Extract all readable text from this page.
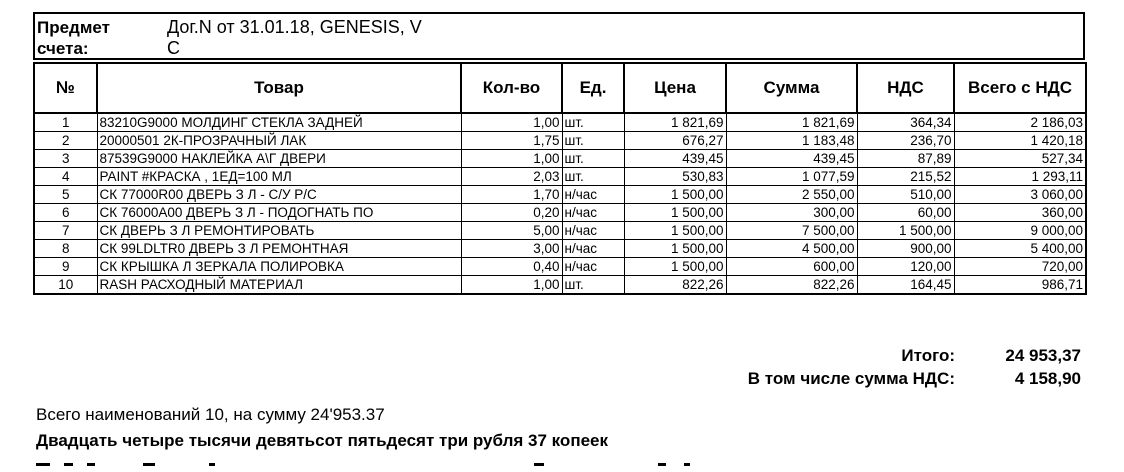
Предмет
счета:
Дог.N от 31.01.18, GENESIS, V
С
№	Товар	Кол-во	Ед.	Цена	Сумма	НДС	Всего с НДС
1	83210G9000 МОЛДИНГ СТЕКЛА ЗАДНЕЙ	1,00	шт.	1 821,69	1 821,69	364,34	2 186,03
2	20000501 2К-ПРОЗРАЧНЫЙ ЛАК	1,75	шт.	676,27	1 183,48	236,70	1 420,18
3	87539G9000 НАКЛЕЙКА А\Г ДВЕРИ	1,00	шт.	439,45	439,45	87,89	527,34
4	PAINT #КРАСКА , 1ЕД=100 МЛ	2,03	шт.	530,83	1 077,59	215,52	1 293,11
5	СК 77000R00 ДВЕРЬ З Л - С/У Р/С	1,70	н/час	1 500,00	2 550,00	510,00	3 060,00
6	СК 76000А00 ДВЕРЬ З Л - ПОДОГНАТЬ ПО	0,20	н/час	1 500,00	300,00	60,00	360,00
7	СК ДВЕРЬ З Л РЕМОНТИРОВАТЬ	5,00	н/час	1 500,00	7 500,00	1 500,00	9 000,00
8	СК 99LDLTR0 ДВЕРЬ З Л РЕМОНТНАЯ	3,00	н/час	1 500,00	4 500,00	900,00	5 400,00
9	СК КРЫШКА Л ЗЕРКАЛА ПОЛИРОВКА	0,40	н/час	1 500,00	600,00	120,00	720,00
10	RASH РАСХОДНЫЙ МАТЕРИАЛ	1,00	шт.	822,26	822,26	164,45	986,71
Итого:	24 953,37
В том числе сумма НДС:	4 158,90
Всего наименований 10, на сумму 24'953.37
Двадцать четыре тысячи девятьсот пятьдесят три рубля 37 копеек
